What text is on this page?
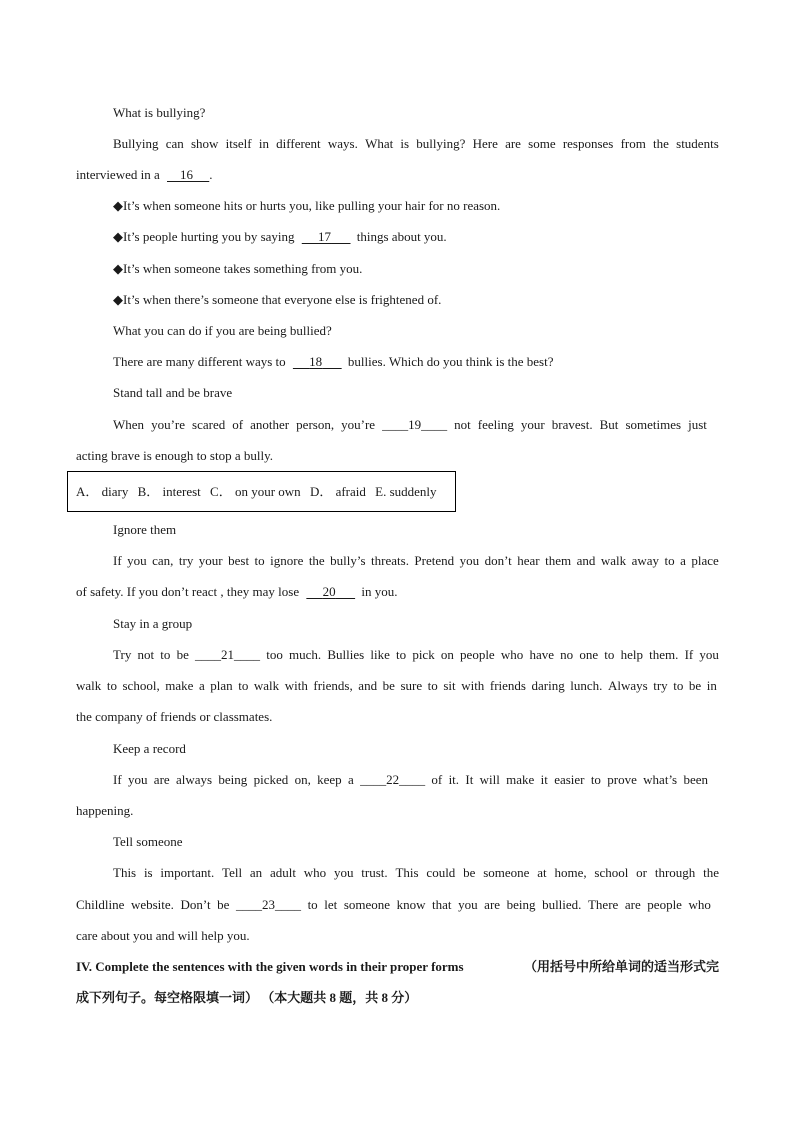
What is bullying?
Bullying can show itself in different ways. What is bullying? Here are some responses from the students
interviewed in a 16 .
◆It’s when someone hits or hurts you, like pulling your hair for no reason.
◆It’s people hurting you by saying 17 things about you.
◆It’s when someone takes something from you.
◆It’s when there’s someone that everyone else is frightened of.
What you can do if you are being bullied?
There are many different ways to 18 bullies. Which do you think is the best?
Stand tall and be brave
When you’re scared of another person, you’re ____19____ not feeling your bravest. But sometimes just
acting brave is enough to stop a bully.
A． diary B． interest C． on your own D． afraid E. suddenly
Ignore them
If you can, try your best to ignore the bully’s threats. Pretend you don’t hear them and walk away to a place
of safety. If you don’t react , they may lose 20 in you.
Stay in a group
Try not to be ____21____ too much. Bullies like to pick on people who have no one to help them. If you
walk to school, make a plan to walk with friends, and be sure to sit with friends daring lunch. Always try to be in
the company of friends or classmates.
Keep a record
If you are always being picked on, keep a ____22____ of it. It will make it easier to prove what’s been
happening.
Tell someone
This is important. Tell an adult who you trust. This could be someone at home, school or through the
Childline website. Don’t be ____23____ to let someone know that you are being bullied. There are people who
care about you and will help you.
IV. Complete the sentences with the given words in their proper forms	（用括号中所给单词的适当形式完
成下列句子。每空格限填一词） （本大题共 8 题，共 8 分）
